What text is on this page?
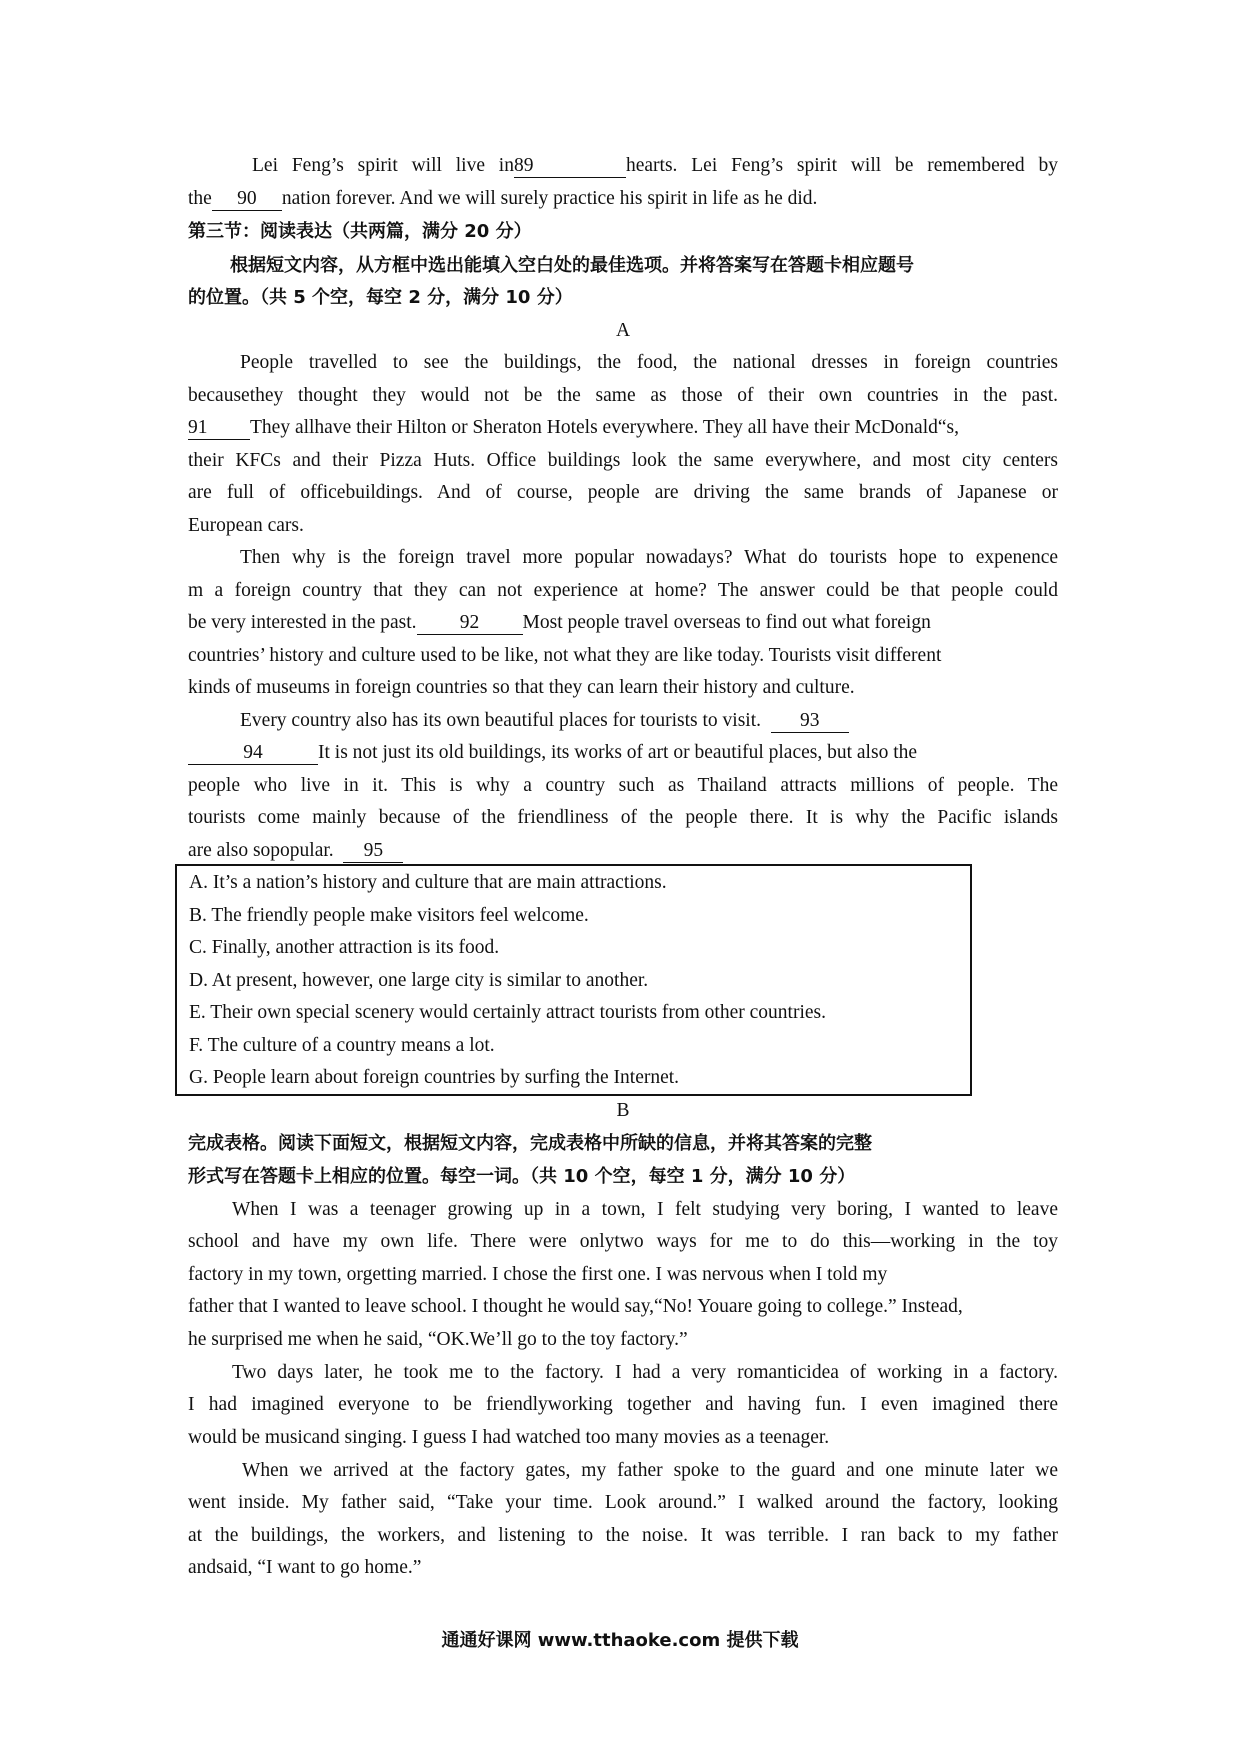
Lei Feng’s spirit will live in89	hearts. Lei Feng’s spirit will be remembered by
the 90 nation forever. And we will surely practice his spirit in life as he did.
第三节：阅读表达（共两篇，满分 20 分）
根据短文内容，从方框中选出能填入空白处的最佳选项。并将答案写在答题卡相应题号
的位置。（共 5 个空，每空 2 分，满分 10 分）
A
People travelled to see the buildings, the food, the national dresses in foreign countries
becausethey thought they would not be the same as those of their own countries in the past.
91 They allhave their Hilton or Sheraton Hotels everywhere. They all have their McDonald“s,
their KFCs and their Pizza Huts. Office buildings look the same everywhere, and most city centers
are full of officebuildings. And of course, people are driving the same brands of Japanese or
European cars.
Then why is the foreign travel more popular nowadays? What do tourists hope to expenence
m a foreign country that they can not experience at home? The answer could be that people could
be very interested in the past. 92 Most people travel overseas to find out what foreign
countries’ history and culture used to be like, not what they are like today. Tourists visit different
kinds of museums in foreign countries so that they can learn their history and culture.
Every country also has its own beautiful places for tourists to visit. 93
94	It is not just its old buildings, its works of art or beautiful places, but also the
people who live in it. This is why a country such as Thailand attracts millions of people. The
tourists come mainly because of the friendliness of the people there. It is why the Pacific islands
are also sopopular. 95
A. It’s a nation’s history and culture that are main attractions.
B. The friendly people make visitors feel welcome.
C. Finally, another attraction is its food.
D. At present, however, one large city is similar to another.
E. Their own special scenery would certainly attract tourists from other countries.
F. The culture of a country means a lot.
G. People learn about foreign countries by surfing the Internet.
B
完成表格。阅读下面短文，根据短文内容，完成表格中所缺的信息，并将其答案的完整
形式写在答题卡上相应的位置。每空一词。（共 10 个空，每空 1 分，满分 10 分）
When I was a teenager growing up in a town, I felt studying very boring, I wanted to leave
school and have my own life. There were onlytwo ways for me to do this—working in the toy
factory in my town, orgetting married. I chose the first one. I was nervous when I told my
father that I wanted to leave school. I thought he would say,“No! Youare going to college.” Instead,
he surprised me when he said, “OK.We’ll go to the toy factory.”
Two days later, he took me to the factory. I had a very romanticidea of working in a factory.
I had imagined everyone to be friendlyworking together and having fun. I even imagined there
would be musicand singing. I guess I had watched too many movies as a teenager.
When we arrived at the factory gates, my father spoke to the guard and one minute later we
went inside. My father said, “Take your time. Look around.” I walked around the factory, looking
at the buildings, the workers, and listening to the noise. It was terrible. I ran back to my father
andsaid, “I want to go home.”
通通好课网 www.tthaoke.com 提供下载
